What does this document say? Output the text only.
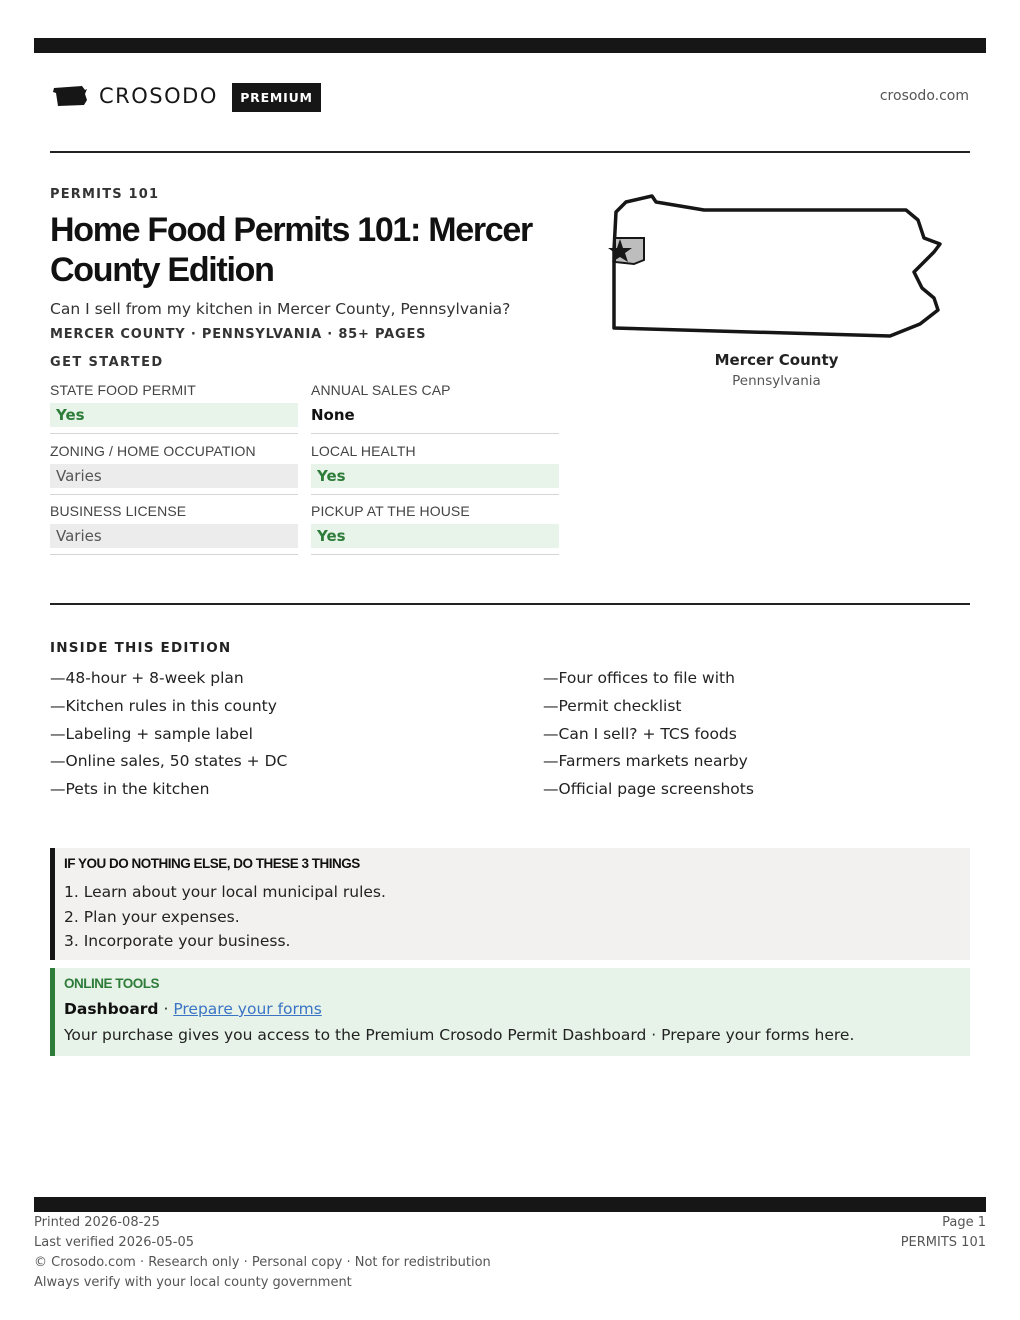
CROSODO	PREMIUM	crosodo.com
PERMITS 101
Home Food Permits 101: Mercer County Edition
Can I sell from my kitchen in Mercer County, Pennsylvania?
MERCER COUNTY · PENNSYLVANIA · 85+ PAGES
GET STARTED
STATE FOOD PERMIT
Yes
ANNUAL SALES CAP
None
ZONING / HOME OCCUPATION
Varies
LOCAL HEALTH
Yes
BUSINESS LICENSE
Varies
PICKUP AT THE HOUSE
Yes
Mercer County
Pennsylvania
INSIDE THIS EDITION
—48-hour + 8-week plan
—Kitchen rules in this county
—Labeling + sample label
—Online sales, 50 states + DC
—Pets in the kitchen
—Four offices to file with
—Permit checklist
—Can I sell? + TCS foods
—Farmers markets nearby
—Official page screenshots
IF YOU DO NOTHING ELSE, DO THESE 3 THINGS
1. Learn about your local municipal rules.
2. Plan your expenses.
3. Incorporate your business.
ONLINE TOOLS
Dashboard · Prepare your forms
Your purchase gives you access to the Premium Crosodo Permit Dashboard · Prepare your forms here.
Printed 2026-08-25
Last verified 2026-05-05
© Crosodo.com · Research only · Personal copy · Not for redistribution
Always verify with your local county government
Page 1
PERMITS 101
